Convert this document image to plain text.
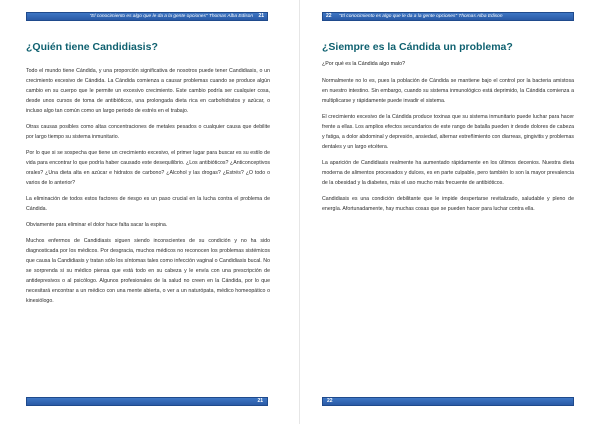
"El conocimiento es algo que le da a la gente opciones" Thomas Alba Edison 21
¿Quién tiene Candidiasis?

Todo el mundo tiene Cándida, y una proporción significativa de nosotros puede tener Candidiasis, o un crecimiento excesivo de Cándida. La Cándida comienza a causar problemas cuando se produce algún cambio en su cuerpo que le permite un excesivo crecimiento. Este cambio podría ser cualquier cosa, desde unos cursos de toma de antibióticos, una prolongada dieta rica en carbohidratos y azúcar, o incluso algo tan común como un largo periodo de estrés en el trabajo.

Otras causas posibles como altas concentraciones de metales pesados o cualquier causa que debilite por largo tiempo su sistema inmunitario.

Por lo que si se sospecha que tiene un crecimiento excesivo, el primer lugar para buscar es su estilo de vida para encontrar lo que podría haber causado este desequilibrio. ¿Los antibióticos? ¿Anticonceptivos orales? ¿Una dieta alta en azúcar e hidratos de carbono? ¿Alcohol y las drogas? ¿Estrés? ¿O todo o varios de lo anterior?

La eliminación de todos estos factores de riesgo es un paso crucial en la lucha contra el problema de Cándida.

Obviamente para eliminar el dolor hace falta sacar la espina.

Muchos enfermos de Candidiasis siguen siendo inconscientes de su condición y no ha sido diagnosticada por los médicos. Por desgracia, muchos médicos no reconocen los problemas sistémicos que causa la Candidiasis y tratan sólo los síntomas tales como infección vaginal o Candidiasis bucal. No se sorprenda si su médico piensa que está todo en su cabeza y le envía con una prescripción de antidepresivos o al psicólogo. Algunos profesionales de la salud no creen en la Cándida, por lo que necesitará encontrar a un médico con una mente abierta, o ver a un naturópata, médico homeopático o kinesiólogo.

21
22 "El conocimiento es algo que le da a la gente opciones" Thomas Alba Edison
¿Siempre es la Cándida un problema?

¿Por qué es la Cándida algo malo?

Normalmente no lo es, pues la población de Cándida se mantiene bajo el control por la bacteria amistosa en nuestro intestino. Sin embargo, cuando su sistema inmunológico está deprimido, la Cándida comienza a multiplicarse y rápidamente puede invadir el sistema.

El crecimiento excesivo de la Cándida produce toxinas que su sistema inmunitario puede luchar para hacer frente a ellas. Los amplios efectos secundarios de este rango de batalla pueden ir desde dolores de cabeza y fatiga, a dolor abdominal y depresión, ansiedad, alternar estreñimiento con diarreas, gingivitis y problemas dentales y un largo etcétera.

La aparición de Candidiasis realmente ha aumentado rápidamente en los últimos decenios. Nuestra dieta moderna de alimentos procesados y dulces, es en parte culpable, pero también lo son la mayor prevalencia de la obesidad y la diabetes, más el uso mucho más frecuente de antibióticos.

Candidiasis es una condición debilitante que le impide despertarse revitalizado, saludable y pleno de energía. Afortunadamente, hay muchas cosas que se pueden hacer para luchar contra ella.

22
